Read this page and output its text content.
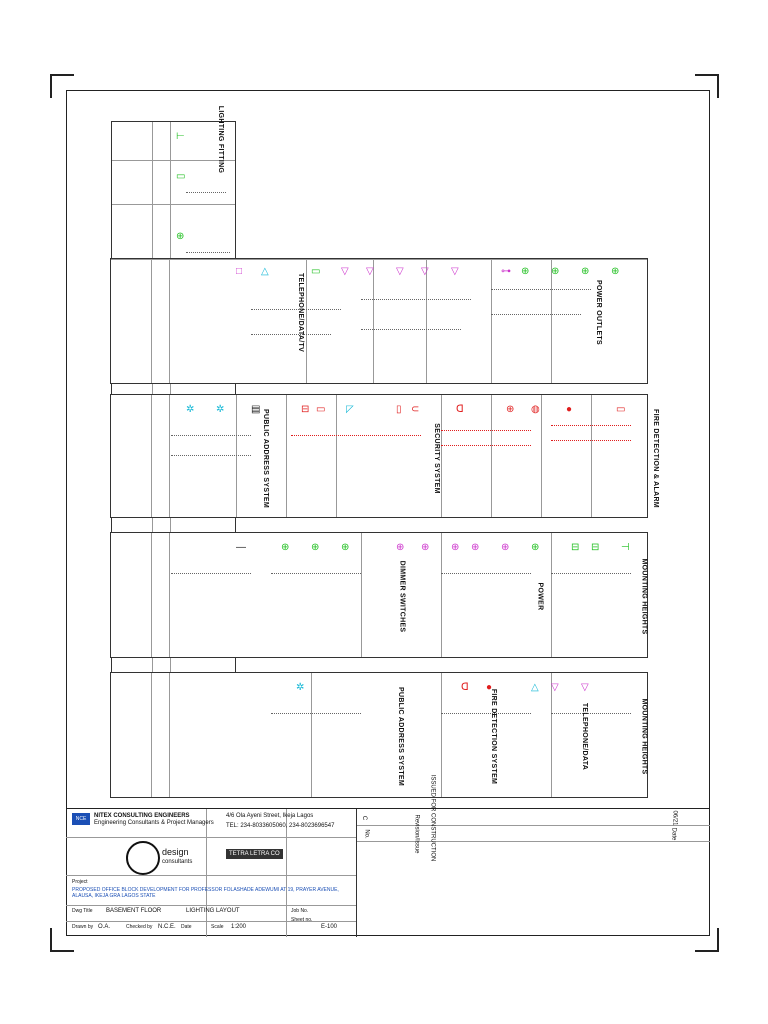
⊢
▭
⊕
LIGHTING FITTING
⊕
⊕
⊕
⊕
⊶
▽
▽
▽
▽
▽
▭
△
□
TELEPHONE/DATA/TV	POWER OUTLETS
▭
●
◍
⊕
ᗡ
⊂
▯
◸
▭
⊟
▤
✲
✲	FIRE DETECTION & ALARM
SECURITY SYSTEM
PUBLIC ADDRESS SYSTEM
⊣
⊟
⊟
⊕
⊕
⊕
⊕
⊕
⊕
⊕
⊕
⊕
—
MOUNTING HEIGHTS
POWER
DIMMER SWITCHES
▽
▽
△
●
ᗡ
✲
MOUNTING HEIGHTS
TELEPHONE/DATA
FIRE DETECTION SYSTEM
PUBLIC ADDRESS SYSTEM
C	ISSUED FOR CONSTRUCTION	06/21
No.	Revision/Issue	Date
NCE	NITEX CONSULTING ENGINEERS
Engineering Consultants & Project Managers
4/6 Ola Ayeni Street, Ikeja Lagos
TEL: 234-8033605060, 234-8023696547
design
consultants
TETRA LETRA CO
Project
PROPOSED OFFICE BLOCK DEVELOPMENT FOR PROFESSOR FOLASHADE ADEWUMI AT 19, PRAYER AVENUE, ALAUSA, IKEJA GRA LAGOS STATE
Dwg Title BASEMENT FLOOR	LIGHTING LAYOUT
Drawn by O.A.	Checked by N.C.E. Date	Scale 1:200
Job No.
Sheet no.
E-100
